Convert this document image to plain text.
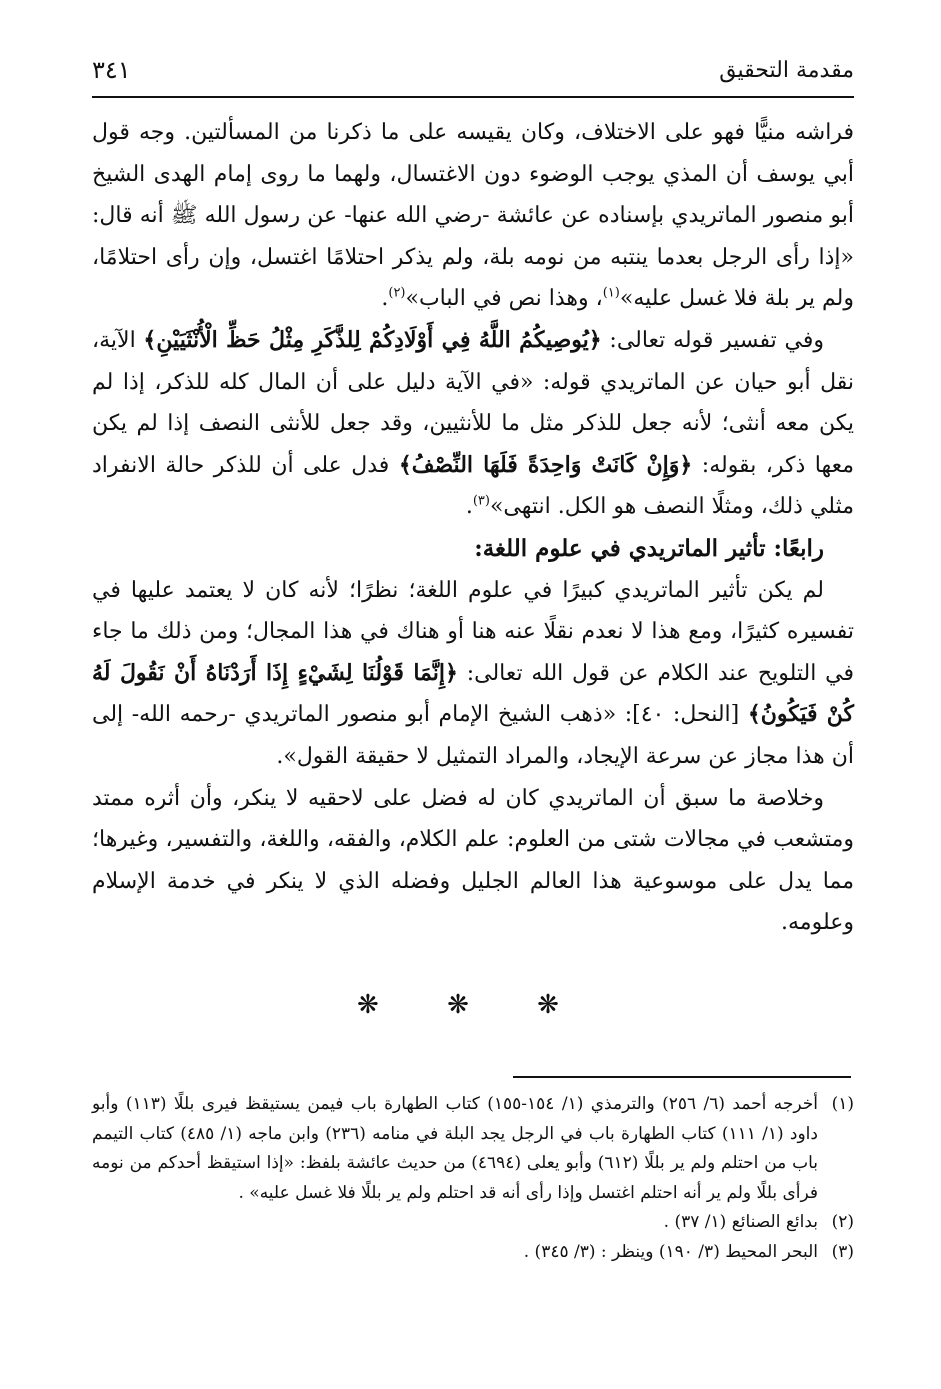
مقدمة التحقيق
٣٤١

فراشه منيًّا فهو على الاختلاف، وكان يقيسه على ما ذكرنا من المسألتين. وجه قول أبي يوسف أن المذي يوجب الوضوء دون الاغتسال، ولهما ما روى إمام الهدى الشيخ أبو منصور الماتريدي بإسناده عن عائشة -رضي الله عنها- عن رسول الله ﷺ أنه قال: «إذا رأى الرجل بعدما ينتبه من نومه بلة، ولم يذكر احتلامًا اغتسل، وإن رأى احتلامًا، ولم ير بلة فلا غسل عليه»$^{(١)}$، وهذا نص في الباب»$^{(٢)}$.

وفي تفسير قوله تعالى: ﴿يُوصِيكُمُ اللَّهُ فِي أَوْلَادِكُمْ لِلذَّكَرِ مِثْلُ حَظِّ الْأُنْثَيَيْنِ﴾ الآية، نقل أبو حيان عن الماتريدي قوله: «في الآية دليل على أن المال كله للذكر، إذا لم يكن معه أنثى؛ لأنه جعل للذكر مثل ما للأنثيين، وقد جعل للأنثى النصف إذا لم يكن معها ذكر، بقوله: ﴿وَإِنْ كَانَتْ وَاحِدَةً فَلَهَا النِّصْفُ﴾ فدل على أن للذكر حالة الانفراد مثلي ذلك، ومثلًا النصف هو الكل. انتهى»$^{(٣)}$.

رابعًا: تأثير الماتريدي في علوم اللغة:

لم يكن تأثير الماتريدي كبيرًا في علوم اللغة؛ نظرًا؛ لأنه كان لا يعتمد عليها في تفسيره كثيرًا، ومع هذا لا نعدم نقلًا عنه هنا أو هناك في هذا المجال؛ ومن ذلك ما جاء في التلويح عند الكلام عن قول الله تعالى: ﴿إِنَّمَا قَوْلُنَا لِشَيْءٍ إِذَا أَرَدْنَاهُ أَنْ نَقُولَ لَهُ كُنْ فَيَكُونُ﴾ [النحل: ٤٠]: «ذهب الشيخ الإمام أبو منصور الماتريدي -رحمه الله- إلى أن هذا مجاز عن سرعة الإيجاد، والمراد التمثيل لا حقيقة القول».

وخلاصة ما سبق أن الماتريدي كان له فضل على لاحقيه لا ينكر، وأن أثره ممتد ومتشعب في مجالات شتى من العلوم: علم الكلام، والفقه، واللغة، والتفسير، وغيرها؛ مما يدل على موسوعية هذا العالم الجليل وفضله الذي لا ينكر في خدمة الإسلام وعلومه.

❋ ❋ ❋
(١)
أخرجه أحمد (٦/ ٢٥٦) والترمذي (١/ ١٥٤-١٥٥) كتاب الطهارة باب فيمن يستيقظ فيرى بللًا (١١٣) وأبو داود (١/ ١١١) كتاب الطهارة باب في الرجل يجد البلة في منامه (٢٣٦) وابن ماجه (١/ ٤٨٥) كتاب التيمم باب من احتلم ولم ير بللًا (٦١٢) وأبو يعلى (٤٦٩٤) من حديث عائشة بلفظ: «إذا استيقظ أحدكم من نومه فرأى بللًا ولم ير أنه احتلم اغتسل وإذا رأى أنه قد احتلم ولم ير بللًا فلا غسل عليه» .
(٢)
بدائع الصنائع (١/ ٣٧) .
(٣)
البحر المحيط (٣/ ١٩٠) وينظر : (٣/ ٣٤٥) .
